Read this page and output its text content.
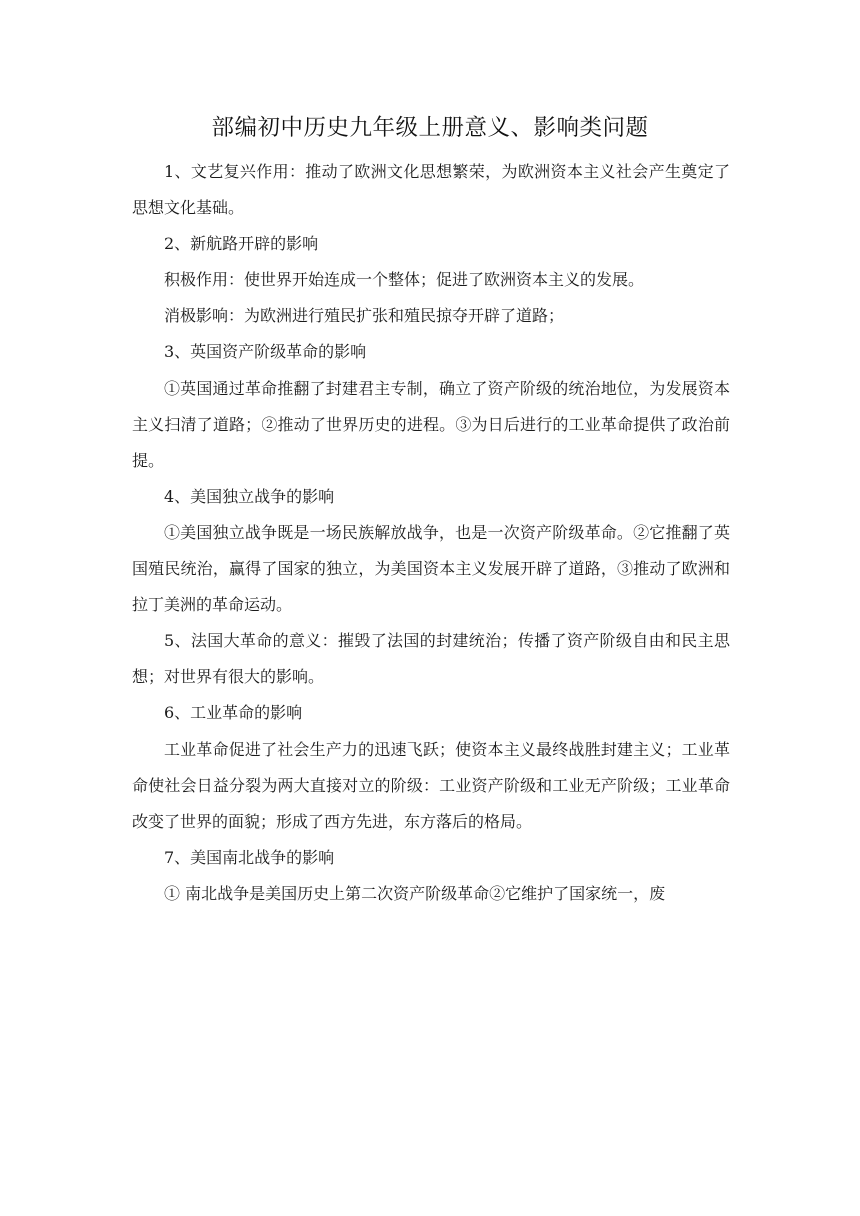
部编初中历史九年级上册意义、影响类问题

1、文艺复兴作用：推动了欧洲文化思想繁荣，为欧洲资本主义社会产生奠定了思想文化基础。

2、新航路开辟的影响

积极作用：使世界开始连成一个整体；促进了欧洲资本主义的发展。

消极影响：为欧洲进行殖民扩张和殖民掠夺开辟了道路；

3、英国资产阶级革命的影响

①英国通过革命推翻了封建君主专制，确立了资产阶级的统治地位，为发展资本主义扫清了道路；②推动了世界历史的进程。③为日后进行的工业革命提供了政治前提。

4、美国独立战争的影响

①美国独立战争既是一场民族解放战争，也是一次资产阶级革命。②它推翻了英国殖民统治，赢得了国家的独立，为美国资本主义发展开辟了道路，③推动了欧洲和拉丁美洲的革命运动。

5、法国大革命的意义：摧毁了法国的封建统治；传播了资产阶级自由和民主思想；对世界有很大的影响。

6、工业革命的影响

工业革命促进了社会生产力的迅速飞跃；使资本主义最终战胜封建主义；工业革命使社会日益分裂为两大直接对立的阶级：工业资产阶级和工业无产阶级；工业革命改变了世界的面貌；形成了西方先进，东方落后的格局。

7、美国南北战争的影响

① 南北战争是美国历史上第二次资产阶级革命②它维护了国家统一，废
